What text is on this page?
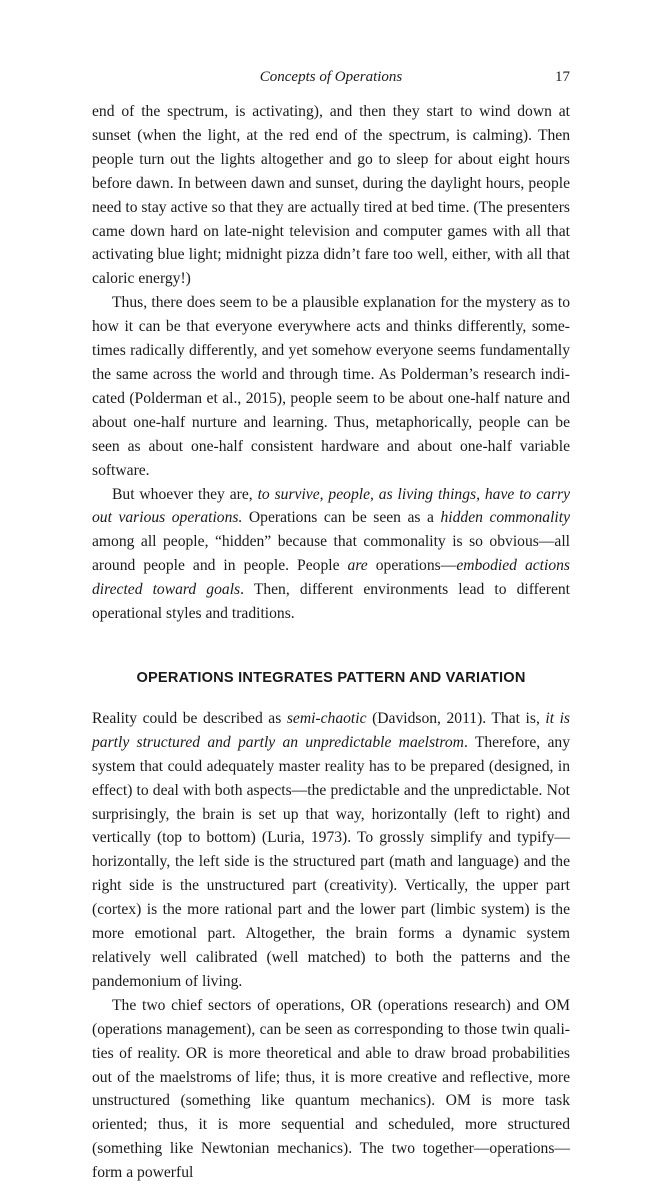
Concepts of Operations	17

end of the spectrum, is activating), and then they start to wind down at sunset (when the light, at the red end of the spectrum, is calming). Then people turn out the lights altogether and go to sleep for about eight hours before dawn. In between dawn and sunset, during the daylight hours, people need to stay active so that they are actually tired at bed time. (The presenters came down hard on late-night television and computer games with all that activating blue light; midnight pizza didn’t fare too well, either, with all that caloric energy!)

Thus, there does seem to be a plausible explanation for the mystery as to how it can be that everyone everywhere acts and thinks differently, sometimes radically differently, and yet somehow everyone seems fundamentally the same across the world and through time. As Polderman’s research indicated (Polderman et al., 2015), people seem to be about one-half nature and about one-half nurture and learning. Thus, metaphorically, people can be seen as about one-half consistent hardware and about one-half variable software.

But whoever they are, to survive, people, as living things, have to carry out various operations. Operations can be seen as a hidden commonality among all people, “hidden” because that commonality is so obvious—all around people and in people. People are operations—embodied actions directed toward goals. Then, different environments lead to different operational styles and traditions.

OPERATIONS INTEGRATES PATTERN AND VARIATION

Reality could be described as semi-chaotic (Davidson, 2011). That is, it is partly structured and partly an unpredictable maelstrom. Therefore, any system that could adequately master reality has to be prepared (designed, in effect) to deal with both aspects—the predictable and the unpredictable. Not surprisingly, the brain is set up that way, horizontally (left to right) and vertically (top to bottom) (Luria, 1973). To grossly simplify and typify—horizontally, the left side is the structured part (math and language) and the right side is the unstructured part (creativity). Vertically, the upper part (cortex) is the more rational part and the lower part (limbic system) is the more emotional part. Altogether, the brain forms a dynamic system relatively well calibrated (well matched) to both the patterns and the pandemonium of living.

The two chief sectors of operations, OR (operations research) and OM (operations management), can be seen as corresponding to those twin qualities of reality. OR is more theoretical and able to draw broad probabilities out of the maelstroms of life; thus, it is more creative and reflective, more unstructured (something like quantum mechanics). OM is more task oriented; thus, it is more sequential and scheduled, more structured (something like Newtonian mechanics). The two together—operations—form a powerful
